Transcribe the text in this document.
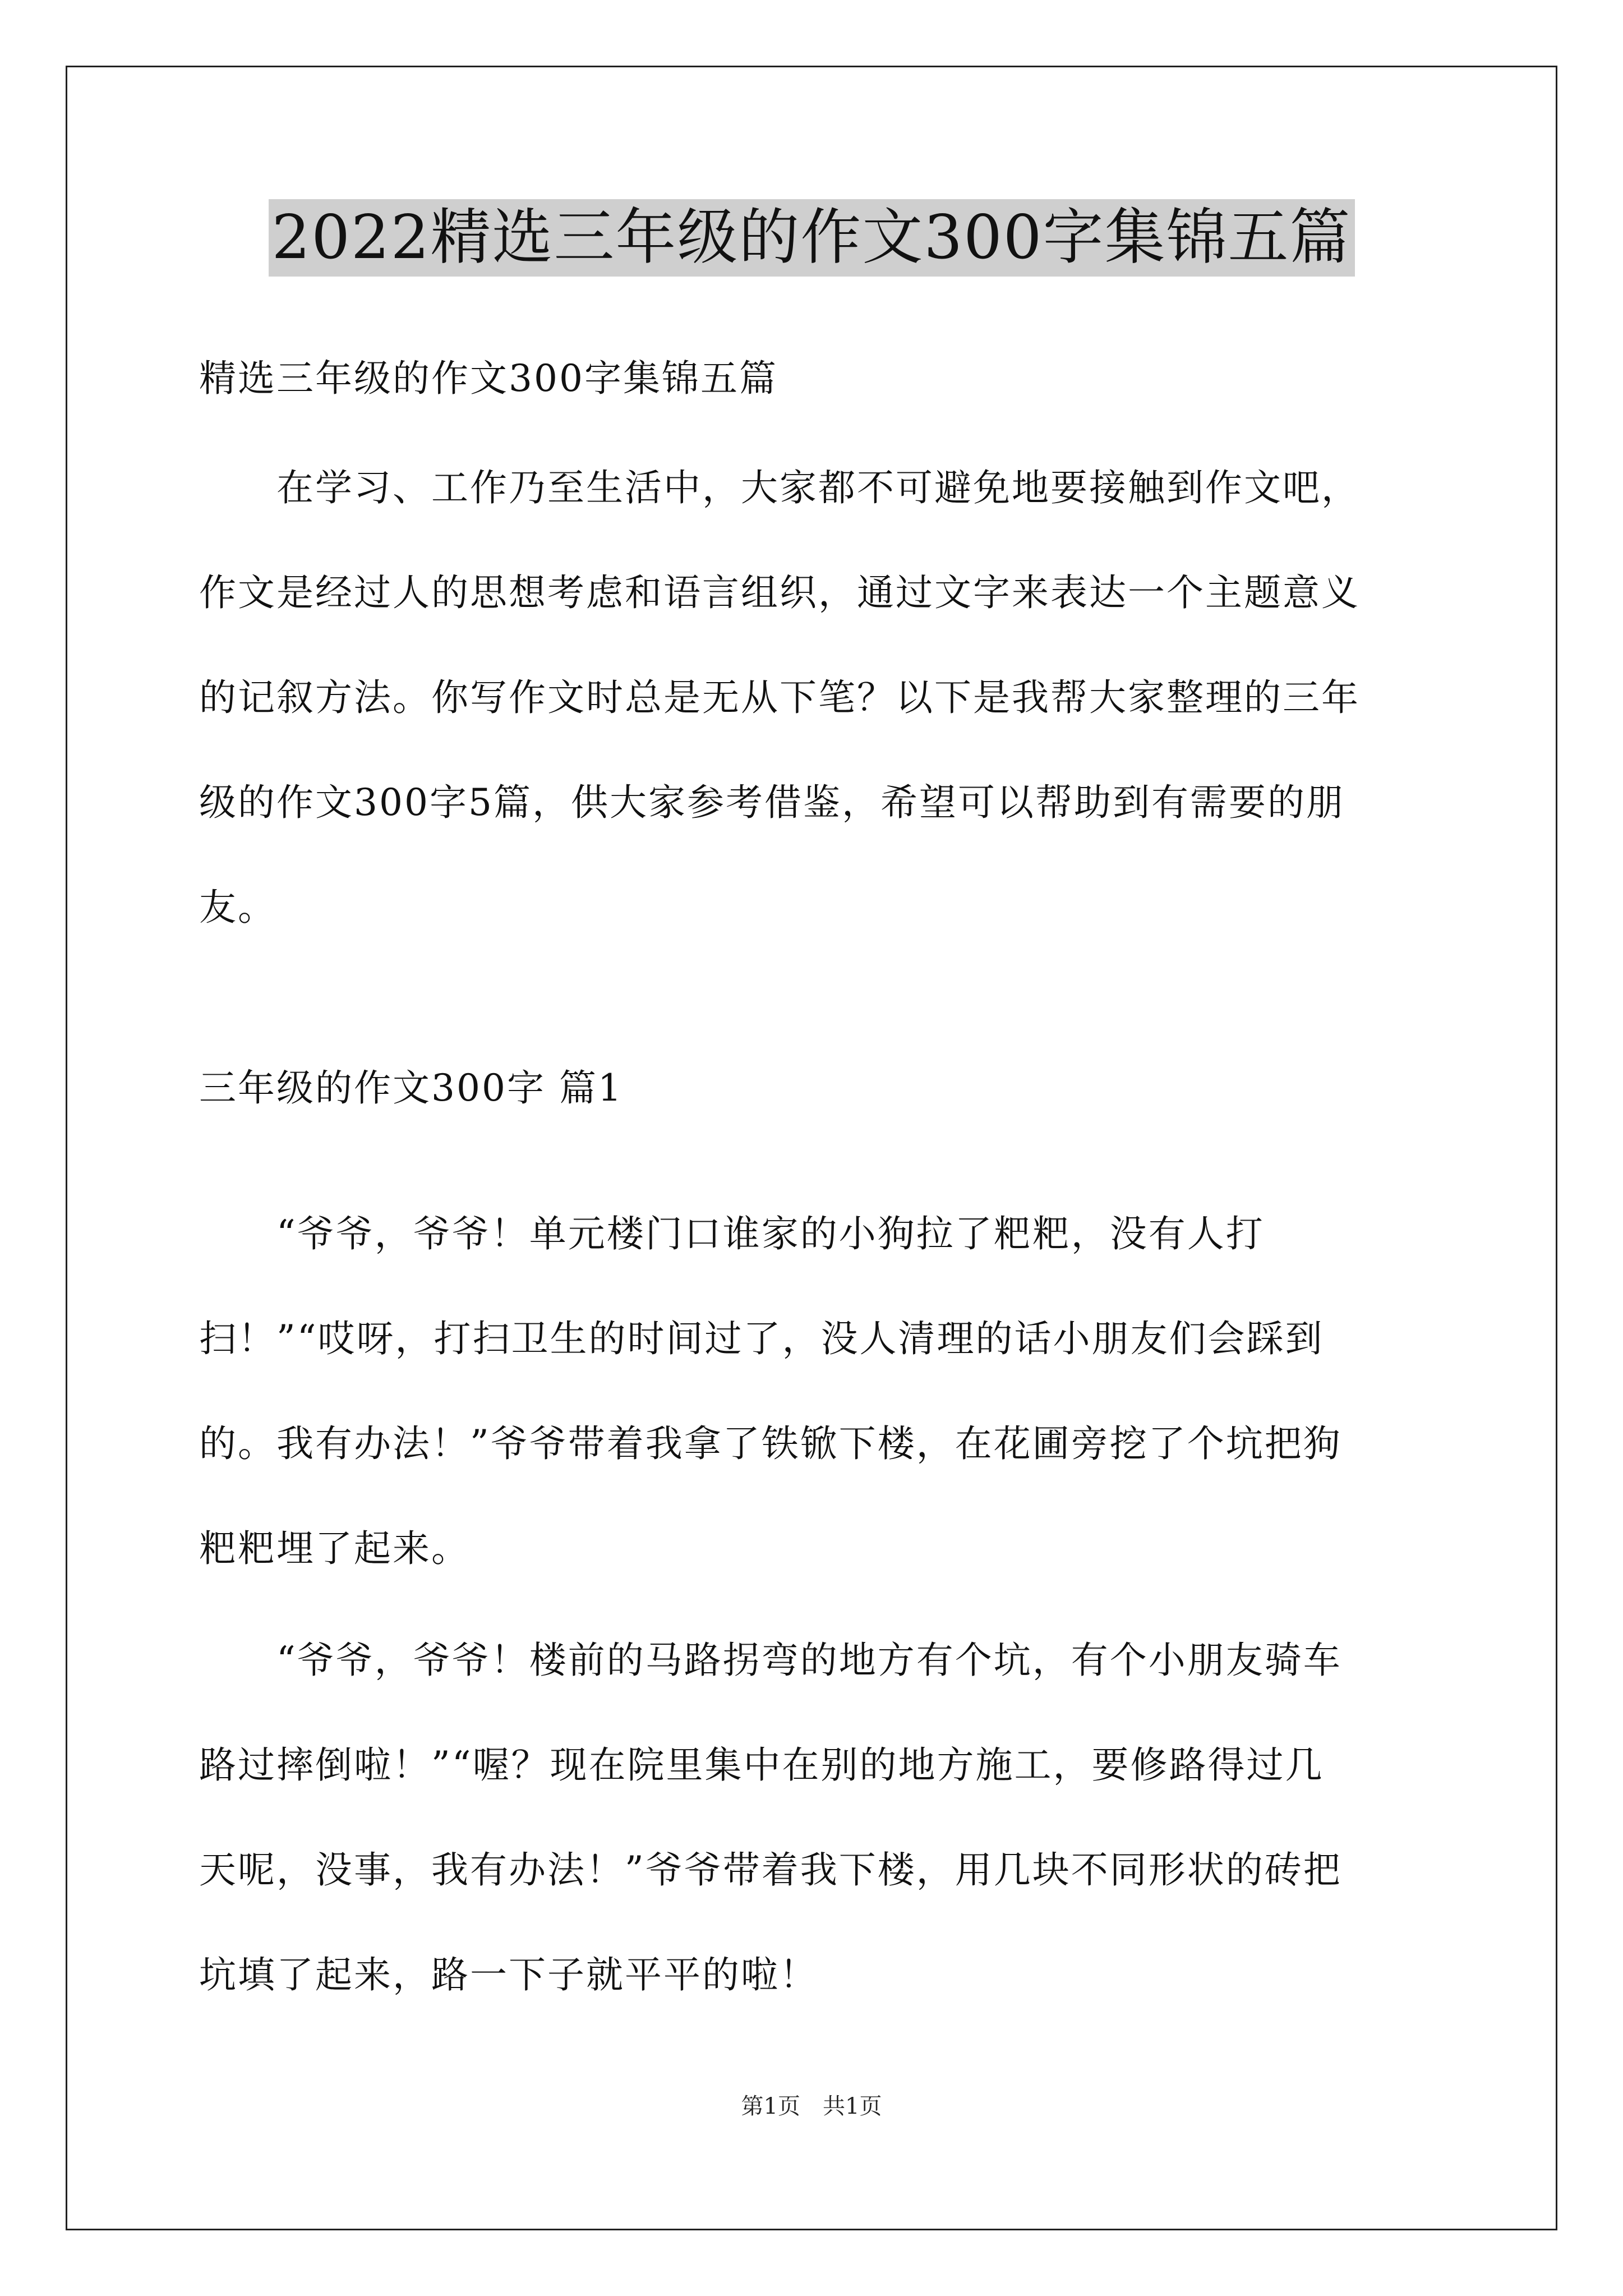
2022精选三年级的作文300字集锦五篇
精选三年级的作文300字集锦五篇
　　在学习、工作乃至生活中，大家都不可避免地要接触到作文吧，
作文是经过人的思想考虑和语言组织，通过文字来表达一个主题意义
的记叙方法。你写作文时总是无从下笔？以下是我帮大家整理的三年
级的作文300字5篇，供大家参考借鉴，希望可以帮助到有需要的朋
友。
三年级的作文300字 篇1
　　“爷爷，爷爷！单元楼门口谁家的小狗拉了粑粑，没有人打
扫！”“哎呀，打扫卫生的时间过了，没人清理的话小朋友们会踩到
的。我有办法！”爷爷带着我拿了铁锨下楼，在花圃旁挖了个坑把狗
粑粑埋了起来。
　　“爷爷，爷爷！楼前的马路拐弯的地方有个坑，有个小朋友骑车
路过摔倒啦！”“喔？现在院里集中在别的地方施工，要修路得过几
天呢，没事，我有办法！”爷爷带着我下楼，用几块不同形状的砖把
坑填了起来，路一下子就平平的啦！
第1页 共1页
